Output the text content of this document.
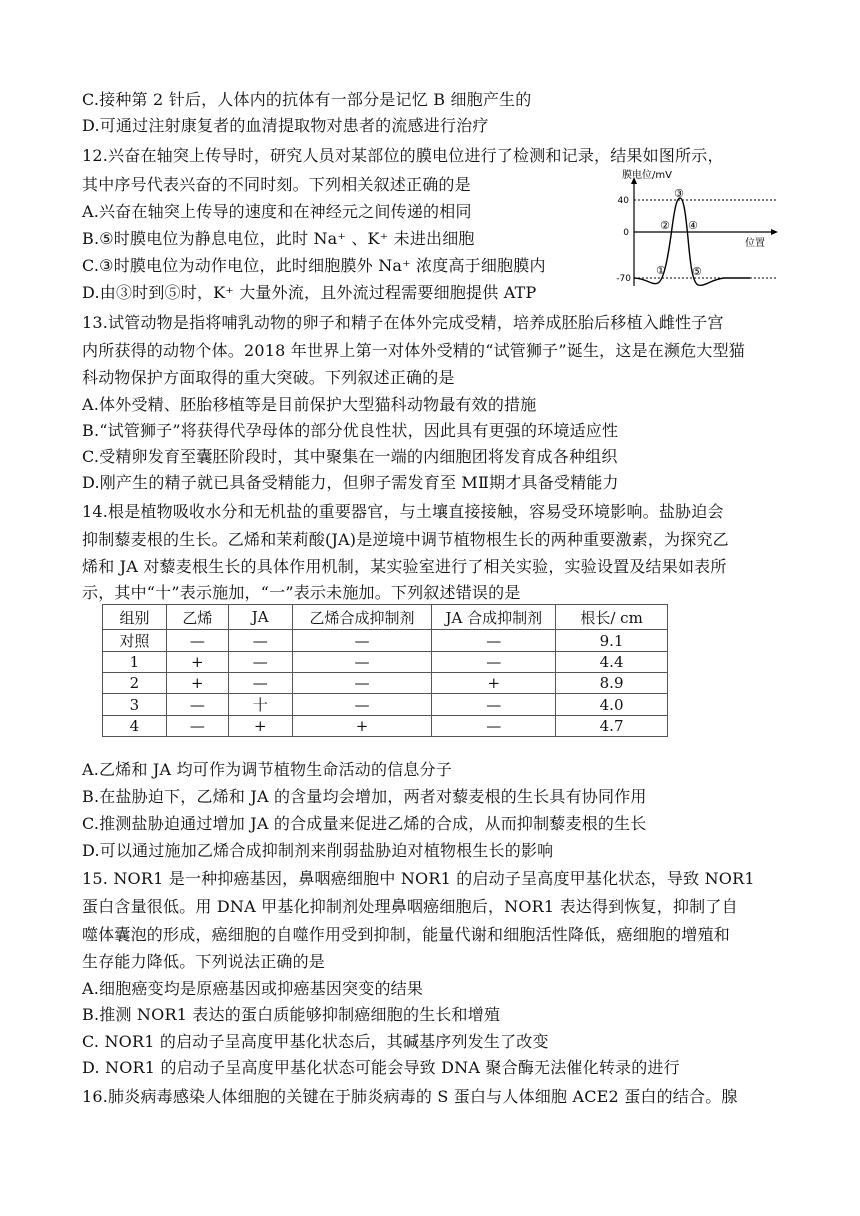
C.接种第 2 针后，人体内的抗体有一部分是记忆 B 细胞产生的
D.可通过注射康复者的血清提取物对患者的流感进行治疗
12.兴奋在轴突上传导时，研究人员对某部位的膜电位进行了检测和记录，结果如图所示，
其中序号代表兴奋的不同时刻。下列相关叙述正确的是
A.兴奋在轴突上传导的速度和在神经元之间传递的相同
B.⑤时膜电位为静息电位，此时 Na⁺ 、K⁺ 未进出细胞
C.③时膜电位为动作电位，此时细胞膜外 Na⁺ 浓度高于细胞膜内
D.由③时到⑤时，K⁺ 大量外流，且外流过程需要细胞提供 ATP
13.试管动物是指将哺乳动物的卵子和精子在体外完成受精，培养成胚胎后移植入雌性子宫
内所获得的动物个体。2018 年世界上第一对体外受精的“试管狮子”诞生，这是在濒危大型猫
科动物保护方面取得的重大突破。下列叙述正确的是
A.体外受精、胚胎移植等是目前保护大型猫科动物最有效的措施
B.“试管狮子”将获得代孕母体的部分优良性状，因此具有更强的环境适应性
C.受精卵发育至囊胚阶段时，其中聚集在一端的内细胞团将发育成各种组织
D.刚产生的精子就已具备受精能力，但卵子需发育至 MⅡ期才具备受精能力
14.根是植物吸收水分和无机盐的重要器官，与土壤直接接触，容易受环境影响。盐胁迫会
抑制藜麦根的生长。乙烯和茉莉酸(JA)是逆境中调节植物根生长的两种重要激素，为探究乙
烯和 JA 对藜麦根生长的具体作用机制，某实验室进行了相关实验，实验设置及结果如表所
示，其中“十”表示施加，“一”表示未施加。下列叙述错误的是
组别	乙烯	JA	乙烯合成抑制剂	JA 合成抑制剂	根长/ cm
对照	—	—	—	—	9.1
1	+	—	—	—	4.4
2	+	—	—	+	8.9
3	—	十	—	—	4.0
4	—	+	+	—	4.7
A.乙烯和 JA 均可作为调节植物生命活动的信息分子
B.在盐胁迫下，乙烯和 JA 的含量均会增加，两者对藜麦根的生长具有协同作用
C.推测盐胁迫通过增加 JA 的合成量来促进乙烯的合成，从而抑制藜麦根的生长
D.可以通过施加乙烯合成抑制剂来削弱盐胁迫对植物根生长的影响
15. NOR1 是一种抑癌基因，鼻咽癌细胞中 NOR1 的启动子呈高度甲基化状态，导致 NOR1
蛋白含量很低。用 DNA 甲基化抑制剂处理鼻咽癌细胞后，NOR1 表达得到恢复，抑制了自
噬体囊泡的形成，癌细胞的自噬作用受到抑制，能量代谢和细胞活性降低，癌细胞的增殖和
生存能力降低。下列说法正确的是
A.细胞癌变均是原癌基因或抑癌基因突变的结果
B.推测 NOR1 表达的蛋白质能够抑制癌细胞的生长和增殖
C. NOR1 的启动子呈高度甲基化状态后，其碱基序列发生了改变
D. NOR1 的启动子呈高度甲基化状态可能会导致 DNA 聚合酶无法催化转录的进行
16.肺炎病毒感染人体细胞的关键在于肺炎病毒的 S 蛋白与人体细胞 ACE2 蛋白的结合。腺
膜电位/mV
40
0
-70
位置
①
②
③
④
⑤
